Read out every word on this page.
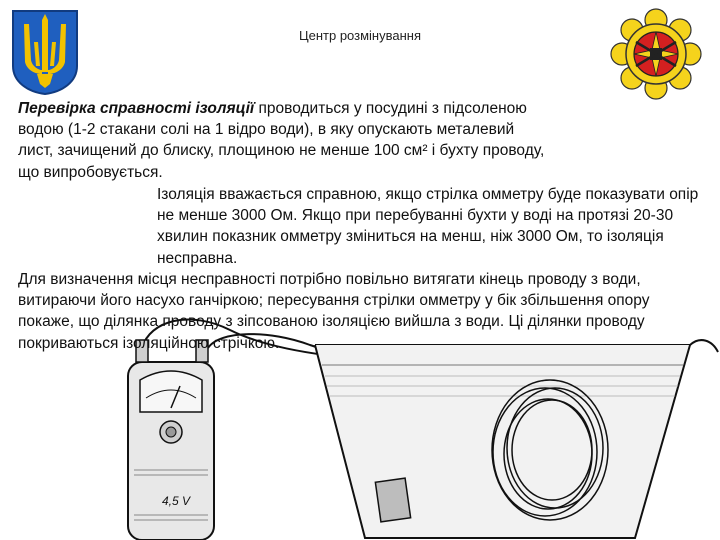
Центр розмінування
Перевірка справності ізоляції проводиться у посудині з підсоленою водою (1-2 стакани солі на 1 відро води), в яку опускають металевий лист, зачищений до блиску, площиною не менше 100 см² і бухту проводу, що випробовується.
Ізоляція вважається справною, якщо стрілка омметру буде показувати опір не менше 3000 Ом. Якщо при перебуванні бухти у воді на протязі 20-30 хвилин показник омметру зміниться на менш, ніж 3000 Ом, то ізоляція несправна.
4,5 V
Для визначення місця несправності потрібно повільно витягати кінець проводу з води, витираючи його насухо ганчіркою; пересування стрілки омметру у бік збільшення опору покаже, що ділянка проводу з зіпсованою ізоляцією вийшла з води. Ці ділянки проводу покриваються ізоляційною стрічкою.
